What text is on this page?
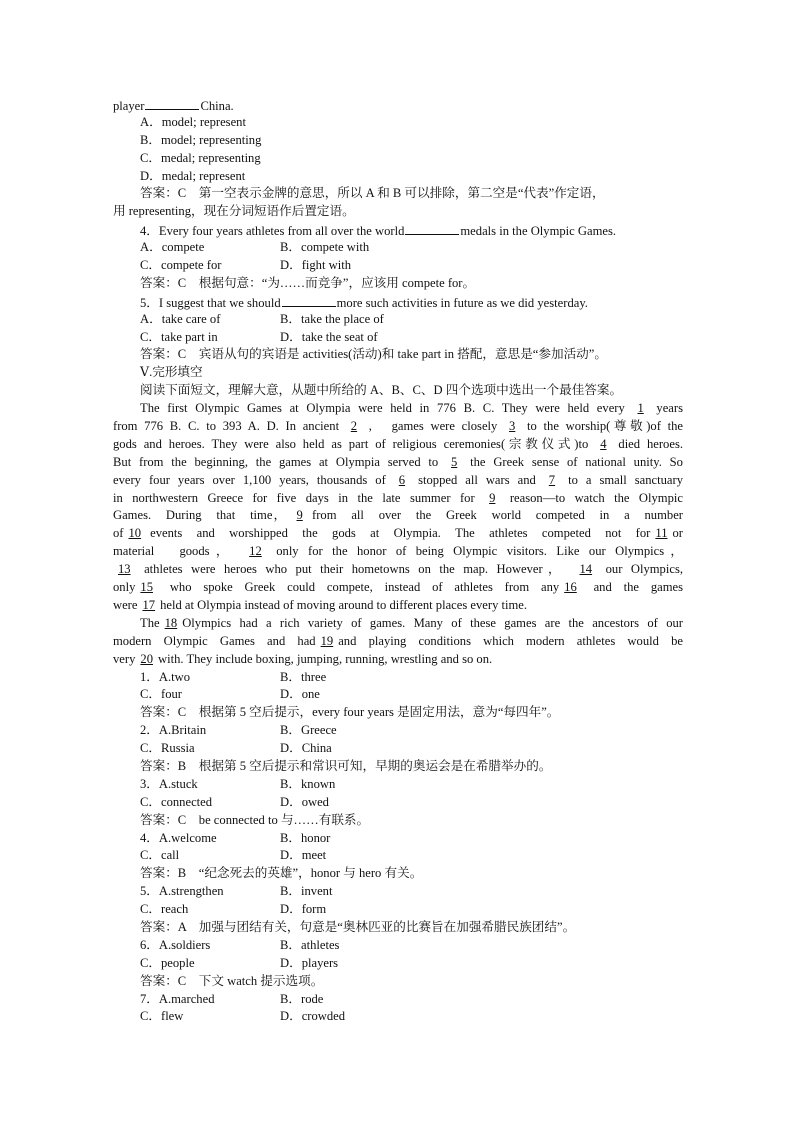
player	China.
A．model; represent
B．model; representing
C．medal; representing
D．medal; represent
答案：C　第一空表示金牌的意思，所以 A 和 B 可以排除，第二空是“代表”作定语，
用 representing，现在分词短语作后置定语。
4．Every four years athletes from all over the world	medals in the Olympic Games.
A．compete	B．compete with
C．compete for	D．fight with
答案：C　根据句意：“为……而竞争”，应该用 compete for。
5．I suggest that we should	more such activities in future as we did yesterday.
A．take care of	B．take the place of
C．take part in	D．take the seat of
答案：C　宾语从句的宾语是 activities(活动)和 take part in 搭配，意思是“参加活动”。
Ⅴ.完形填空
阅读下面短文，理解大意，从题中所给的 A、B、C、D 四个选项中选出一个最佳答案。
The first Olympic Games at Olympia were held in 776 B. C. They were held every 1 years
from 776 B. C. to 393 A. D. In ancient 2 ,　games were closely 3 to the worship(尊敬)of the
gods and heroes. They were also held as part of religious ceremonies(宗教仪式)to 4 died heroes.
But from the beginning, the games at Olympia served to 5 the Greek sense of national unity. So
every four years over 1,100 years, thousands of 6 stopped all wars and 7 to a small sanctuary
in northwestern Greece for five days in the late summer for 9 reason—to watch the Olympic
Games.　During　that　time， 9 from　all　over　the　Greek　world　competed　in　a　number
of 10 events　and　worshipped　the　gods　at　Olympia.　The　athletes　competed　not　for 11 or
material　goods， 12 only for the honor of being Olympic visitors. Like our Olympics，
13 athletes were heroes who put their hometowns on the map. However， 14 our Olympics,
only 15 who spoke Greek could compete, instead of athletes from any 16 and the games
were 17 held at Olympia instead of moving around to different places every time.
The 18 Olympics had a rich variety of games. Many of these games are the ancestors of our
modern Olympic Games and had 19 and playing conditions which modern athletes would be
very 20 with. They include boxing, jumping, running, wrestling and so on.
1．A.two	B．three
C．four	D．one
答案：C　根据第 5 空后提示，every four years 是固定用法，意为“每四年”。
2．A.Britain	B．Greece
C．Russia	D．China
答案：B　根据第 5 空后提示和常识可知，早期的奥运会是在希腊举办的。
3．A.stuck	B．known
C．connected	D．owed
答案：C　be connected to 与……有联系。
4．A.welcome	B．honor
C．call	D．meet
答案：B　“纪念死去的英雄”，honor 与 hero 有关。
5．A.strengthen	B．invent
C．reach	D．form
答案：A　加强与团结有关，句意是“奥林匹亚的比赛旨在加强希腊民族团结”。
6．A.soldiers	B．athletes
C．people	D．players
答案：C　下文 watch 提示选项。
7．A.marched	B．rode
C．flew	D．crowded
